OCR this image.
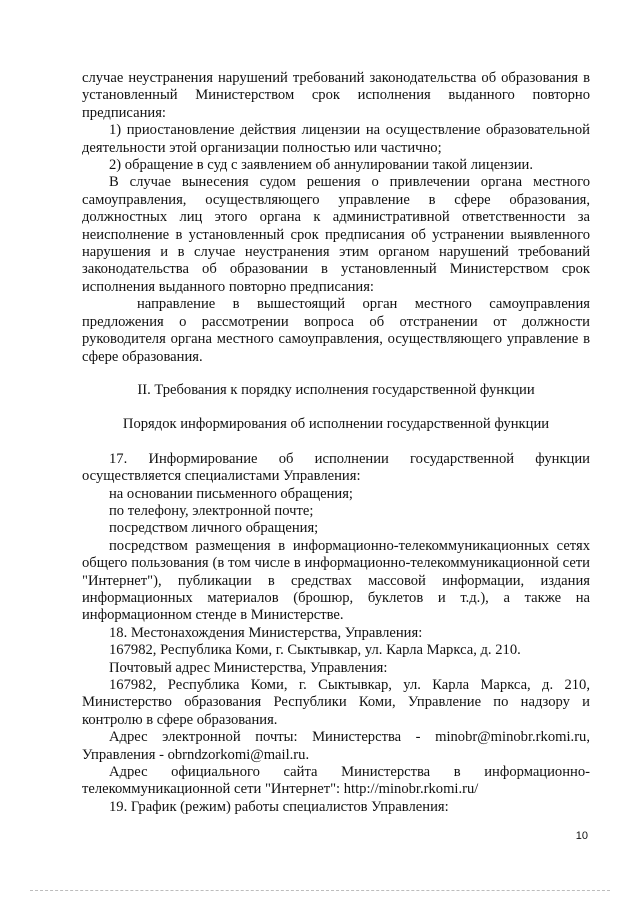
случае неустранения нарушений требований законодательства об образования в установленный Министерством срок исполнения выданного повторно предписания:

1) приостановление действия лицензии на осуществление образовательной деятельности этой организации полностью или частично;

2) обращение в суд с заявлением об аннулировании такой лицензии.

В случае вынесения судом решения о привлечении органа местного самоуправления, осуществляющего управление в сфере образования, должностных лиц этого органа к административной ответственности за неисполнение в установленный срок предписания об устранении выявленного нарушения и в случае неустранения этим органом нарушений требований законодательства об образовании в установленный Министерством срок исполнения выданного повторно предписания:

направление в вышестоящий орган местного самоуправления предложения о рассмотрении вопроса об отстранении от должности руководителя органа местного самоуправления, осуществляющего управление в сфере образования.

II. Требования к порядку исполнения государственной функции

Порядок информирования об исполнении государственной функции

17. Информирование об исполнении государственной функции осуществляется специалистами Управления:

на основании письменного обращения;

по телефону, электронной почте;

посредством личного обращения;

посредством размещения в информационно-телекоммуникационных сетях общего пользования (в том числе в информационно-телекоммуникационной сети "Интернет"), публикации в средствах массовой информации, издания информационных материалов (брошюр, буклетов и т.д.), а также на информационном стенде в Министерстве.

18. Местонахождения Министерства, Управления:

167982, Республика Коми, г. Сыктывкар, ул. Карла Маркса, д. 210.

Почтовый адрес Министерства, Управления:

167982, Республика Коми, г. Сыктывкар, ул. Карла Маркса, д. 210, Министерство образования Республики Коми, Управление по надзору и контролю в сфере образования.

Адрес электронной почты: Министерства - minobr@minobr.rkomi.ru, Управления - obrndzorkomi@mail.ru.

Адрес официального сайта Министерства в информационно-телекоммуникационной сети "Интернет": http://minobr.rkomi.ru/

19. График (режим) работы специалистов Управления:

10
